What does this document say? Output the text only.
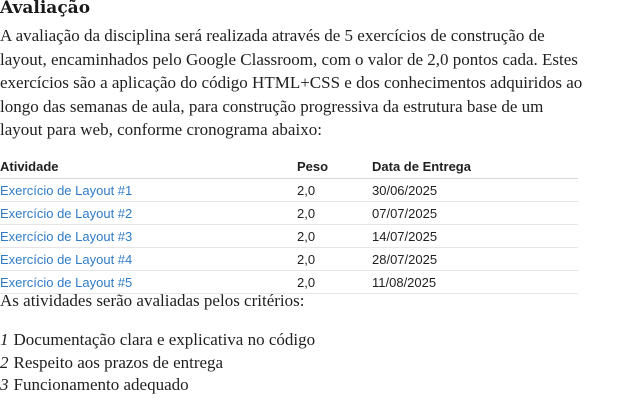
Avaliação

A avaliação da disciplina será realizada através de 5 exercícios de construção de layout, encaminhados pelo Google Classroom, com o valor de 2,0 pontos cada. Estes exercícios são a aplicação do código HTML+CSS e dos conhecimentos adquiridos ao longo das semanas de aula, para construção progressiva da estrutura base de um layout para web, conforme cronograma abaixo:

Atividade	Peso	Data de Entrega
Exercício de Layout #1	2,0	30/06/2025
Exercício de Layout #2	2,0	07/07/2025
Exercício de Layout #3	2,0	14/07/2025
Exercício de Layout #4	2,0	28/07/2025
Exercício de Layout #5	2,0	11/08/2025

As atividades serão avaliadas pelos critérios:

1 Documentação clara e explicativa no código
2 Respeito aos prazos de entrega
3 Funcionamento adequado
